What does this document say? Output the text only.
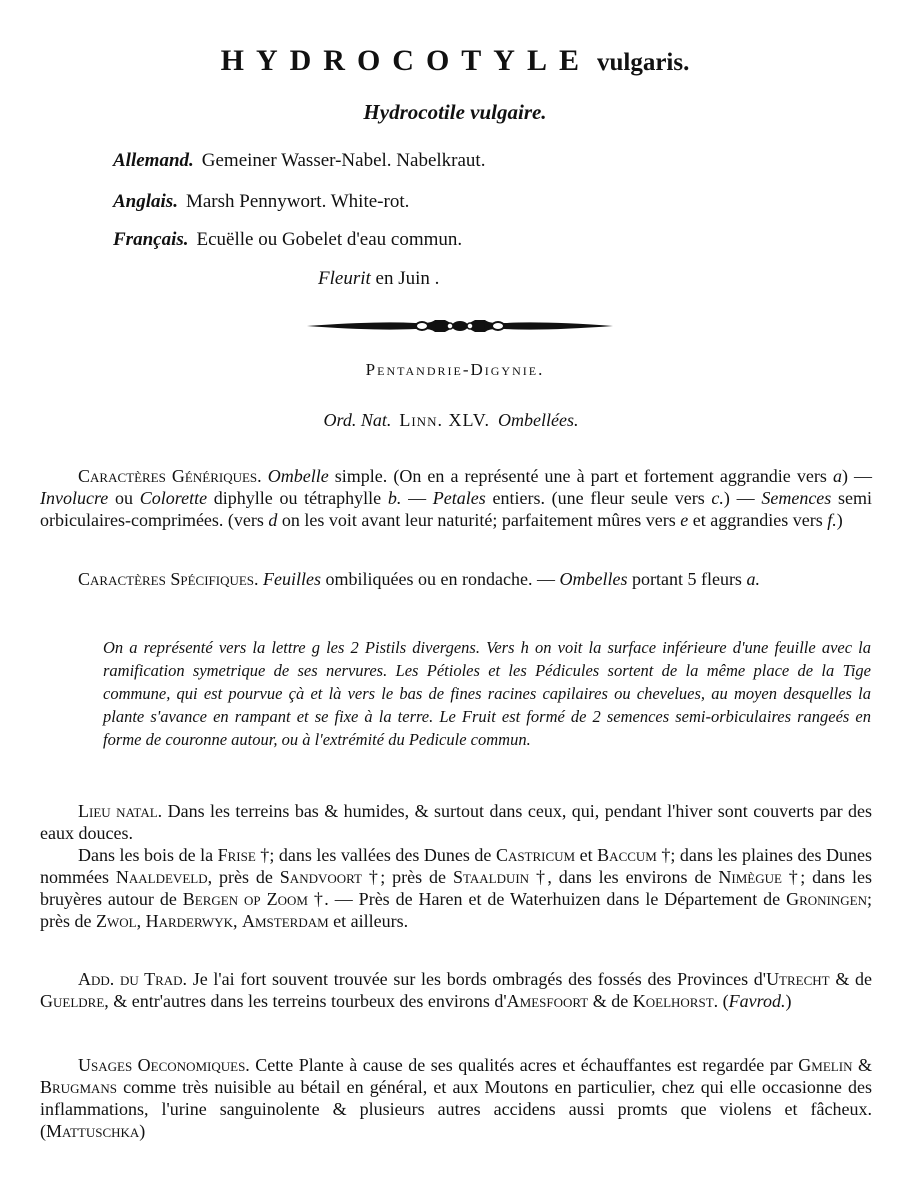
HYDROCOTYLE vulgaris.
Hydrocotile vulgaire.
Allemand. Gemeiner Wasser-Nabel. Nabelkraut.
Anglais. Marsh Pennywort. White-rot.
Français. Ecuëlle ou Gobelet d'eau commun.
Fleurit en Juin .
Pentandrie-Digynie.
Ord. Nat. Linn. XLV. Ombellées.

Caractères Génériques. Ombelle simple. (On en a représenté une à part et fortement aggrandie vers a) — Involucre ou Colorette diphylle ou tétraphylle b. — Petales entiers. (une fleur seule vers c.) — Semences semi orbiculaires-comprimées. (vers d on les voit avant leur naturité; parfaitement mûres vers e et aggrandies vers f.)

Caractères Spécifiques. Feuilles ombiliquées ou en rondache. — Ombelles portant 5 fleurs a.

On a représenté vers la lettre g les 2 Pistils divergens. Vers h on voit la surface inférieure d'une feuille avec la ramification symetrique de ses nervures. Les Pétioles et les Pédicules sortent de la même place de la Tige commune, qui est pourvue çà et là vers le bas de fines racines capilaires ou chevelues, au moyen desquelles la plante s'avance en rampant et se fixe à la terre. Le Fruit est formé de 2 semences semi-orbiculaires rangeés en forme de couronne autour, ou à l'extrémité du Pedicule commun.

Lieu natal. Dans les terreins bas & humides, & surtout dans ceux, qui, pendant l'hiver sont couverts par des eaux douces.

Dans les bois de la Frise †; dans les vallées des Dunes de Castricum et Baccum †; dans les plaines des Dunes nommées Naaldeveld, près de Sandvoort †; près de Staalduin †, dans les environs de Nimègue †; dans les bruyères autour de Bergen op Zoom †. — Près de Haren et de Waterhuizen dans le Département de Groningen; près de Zwol, Harderwyk, Amsterdam et ailleurs.

Add. du Trad. Je l'ai fort souvent trouvée sur les bords ombragés des fossés des Provinces d'Utrecht & de Gueldre, & entr'autres dans les terreins tourbeux des environs d'Amesfoort & de Koelhorst. (Favrod.)

Usages Oeconomiques. Cette Plante à cause de ses qualités acres et échauffantes est regardée par Gmelin & Brugmans comme très nuisible au bétail en général, et aux Moutons en particulier, chez qui elle occasionne des inflammations, l'urine sanguinolente & plusieurs autres accidens aussi promts que violens et fâcheux. (Mattuschka)
